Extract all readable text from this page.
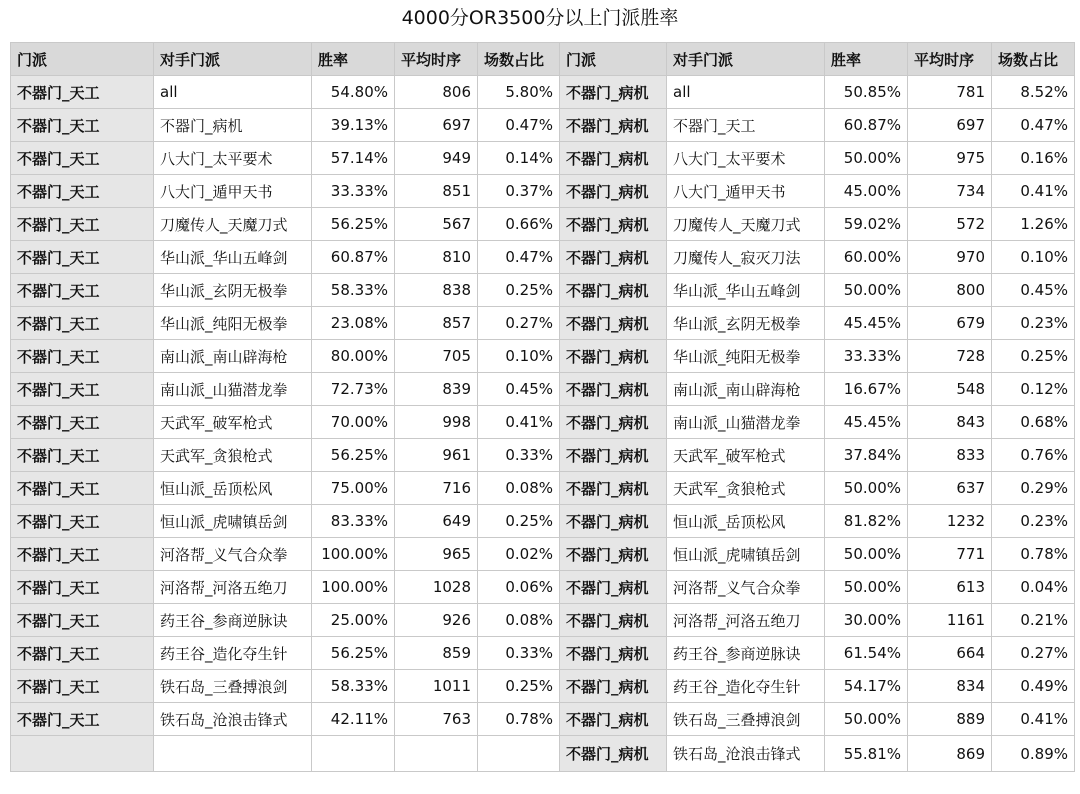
4000分OR3500分以上门派胜率
门派	对手门派	胜率	平均时序	场数占比	门派	对手门派	胜率	平均时序	场数占比
不器门_天工	all	54.80%	806	5.80%	不器门_病机	all	50.85%	781	8.52%
不器门_天工	不器门_病机	39.13%	697	0.47%	不器门_病机	不器门_天工	60.87%	697	0.47%
不器门_天工	八大门_太平要术	57.14%	949	0.14%	不器门_病机	八大门_太平要术	50.00%	975	0.16%
不器门_天工	八大门_遁甲天书	33.33%	851	0.37%	不器门_病机	八大门_遁甲天书	45.00%	734	0.41%
不器门_天工	刀魔传人_天魔刀式	56.25%	567	0.66%	不器门_病机	刀魔传人_天魔刀式	59.02%	572	1.26%
不器门_天工	华山派_华山五峰剑	60.87%	810	0.47%	不器门_病机	刀魔传人_寂灭刀法	60.00%	970	0.10%
不器门_天工	华山派_玄阴无极拳	58.33%	838	0.25%	不器门_病机	华山派_华山五峰剑	50.00%	800	0.45%
不器门_天工	华山派_纯阳无极拳	23.08%	857	0.27%	不器门_病机	华山派_玄阴无极拳	45.45%	679	0.23%
不器门_天工	南山派_南山辟海枪	80.00%	705	0.10%	不器门_病机	华山派_纯阳无极拳	33.33%	728	0.25%
不器门_天工	南山派_山猫潜龙拳	72.73%	839	0.45%	不器门_病机	南山派_南山辟海枪	16.67%	548	0.12%
不器门_天工	天武军_破军枪式	70.00%	998	0.41%	不器门_病机	南山派_山猫潜龙拳	45.45%	843	0.68%
不器门_天工	天武军_贪狼枪式	56.25%	961	0.33%	不器门_病机	天武军_破军枪式	37.84%	833	0.76%
不器门_天工	恒山派_岳顶松风	75.00%	716	0.08%	不器门_病机	天武军_贪狼枪式	50.00%	637	0.29%
不器门_天工	恒山派_虎啸镇岳剑	83.33%	649	0.25%	不器门_病机	恒山派_岳顶松风	81.82%	1232	0.23%
不器门_天工	河洛帮_义气合众拳	100.00%	965	0.02%	不器门_病机	恒山派_虎啸镇岳剑	50.00%	771	0.78%
不器门_天工	河洛帮_河洛五绝刀	100.00%	1028	0.06%	不器门_病机	河洛帮_义气合众拳	50.00%	613	0.04%
不器门_天工	药王谷_参商逆脉诀	25.00%	926	0.08%	不器门_病机	河洛帮_河洛五绝刀	30.00%	1161	0.21%
不器门_天工	药王谷_造化夺生针	56.25%	859	0.33%	不器门_病机	药王谷_参商逆脉诀	61.54%	664	0.27%
不器门_天工	铁石岛_三叠搏浪剑	58.33%	1011	0.25%	不器门_病机	药王谷_造化夺生针	54.17%	834	0.49%
不器门_天工	铁石岛_沧浪击锋式	42.11%	763	0.78%	不器门_病机	铁石岛_三叠搏浪剑	50.00%	889	0.41%
					不器门_病机	铁石岛_沧浪击锋式	55.81%	869	0.89%
